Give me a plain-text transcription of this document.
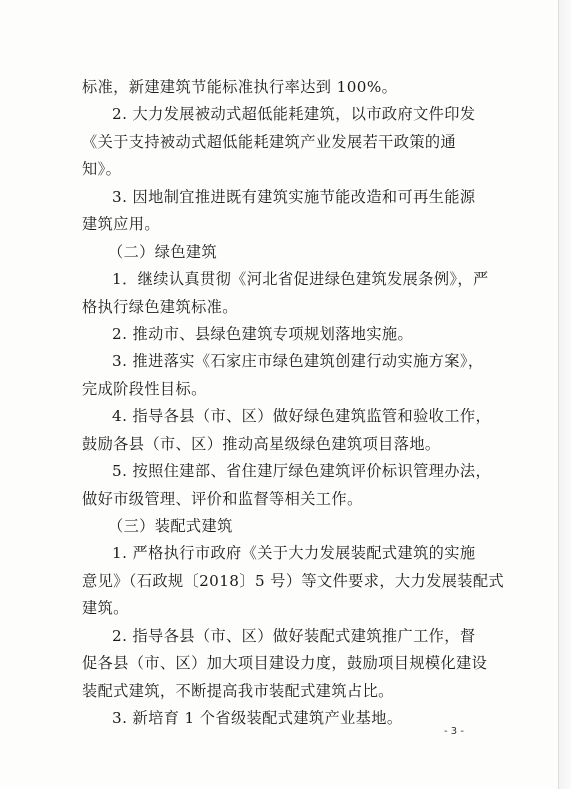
标准，新建建筑节能标准执行率达到 100%。
2. 大力发展被动式超低能耗建筑，以市政府文件印发
《关于支持被动式超低能耗建筑产业发展若干政策的通
知》。
3. 因地制宜推进既有建筑实施节能改造和可再生能源
建筑应用。
（二）绿色建筑
1．继续认真贯彻《河北省促进绿色建筑发展条例》，严
格执行绿色建筑标准。
2. 推动市、县绿色建筑专项规划落地实施。
3. 推进落实《石家庄市绿色建筑创建行动实施方案》，
完成阶段性目标。
4. 指导各县（市、区）做好绿色建筑监管和验收工作，
鼓励各县（市、区）推动高星级绿色建筑项目落地。
5. 按照住建部、省住建厅绿色建筑评价标识管理办法，
做好市级管理、评价和监督等相关工作。
（三）装配式建筑
1. 严格执行市政府《关于大力发展装配式建筑的实施
意见》（石政规〔2018〕5 号）等文件要求，大力发展装配式
建筑。
2. 指导各县（市、区）做好装配式建筑推广工作，督
促各县（市、区）加大项目建设力度，鼓励项目规模化建设
装配式建筑，不断提高我市装配式建筑占比。
3. 新培育 1 个省级装配式建筑产业基地。
- 3 -
